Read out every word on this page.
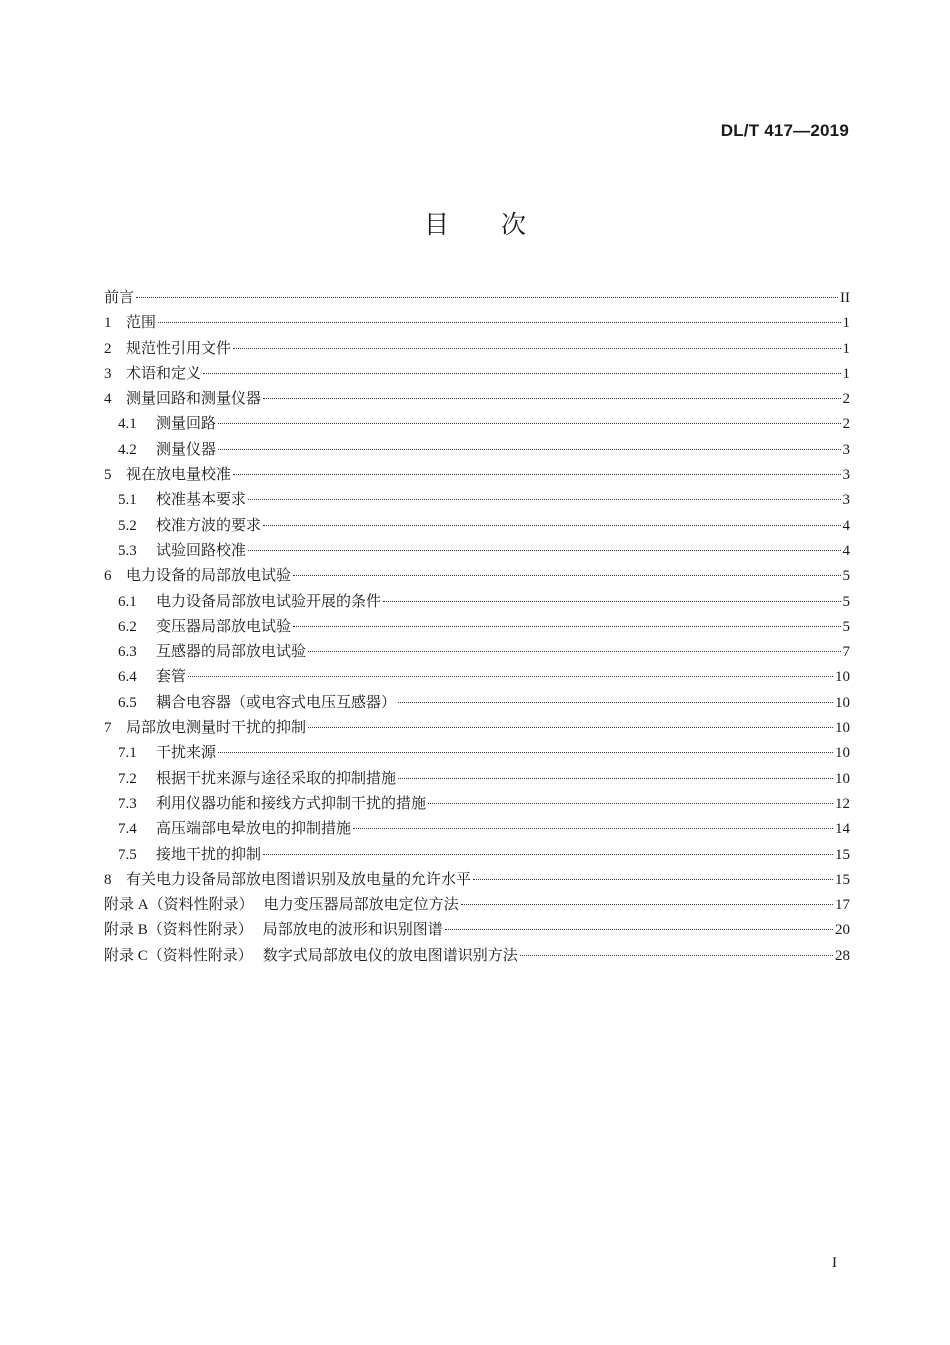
DL/T 417—2019
目 次
前言	II
1 范围	1
2 规范性引用文件	1
3 术语和定义	1
4 测量回路和测量仪器	2
4.1	测量回路	2
4.2	测量仪器	3
5 视在放电量校准	3
5.1	校准基本要求	3
5.2	校准方波的要求	4
5.3	试验回路校准	4
6 电力设备的局部放电试验	5
6.1	电力设备局部放电试验开展的条件	5
6.2	变压器局部放电试验	5
6.3	互感器的局部放电试验	7
6.4	套管	10
6.5	耦合电容器（或电容式电压互感器）	10
7 局部放电测量时干扰的抑制	10
7.1	干扰来源	10
7.2	根据干扰来源与途径采取的抑制措施	10
7.3	利用仪器功能和接线方式抑制干扰的措施	12
7.4	高压端部电晕放电的抑制措施	14
7.5	接地干扰的抑制	15
8 有关电力设备局部放电图谱识别及放电量的允许水平	15
附录 A（资料性附录） 电力变压器局部放电定位方法	17
附录 B（资料性附录） 局部放电的波形和识别图谱	20
附录 C（资料性附录） 数字式局部放电仪的放电图谱识别方法	28
I
